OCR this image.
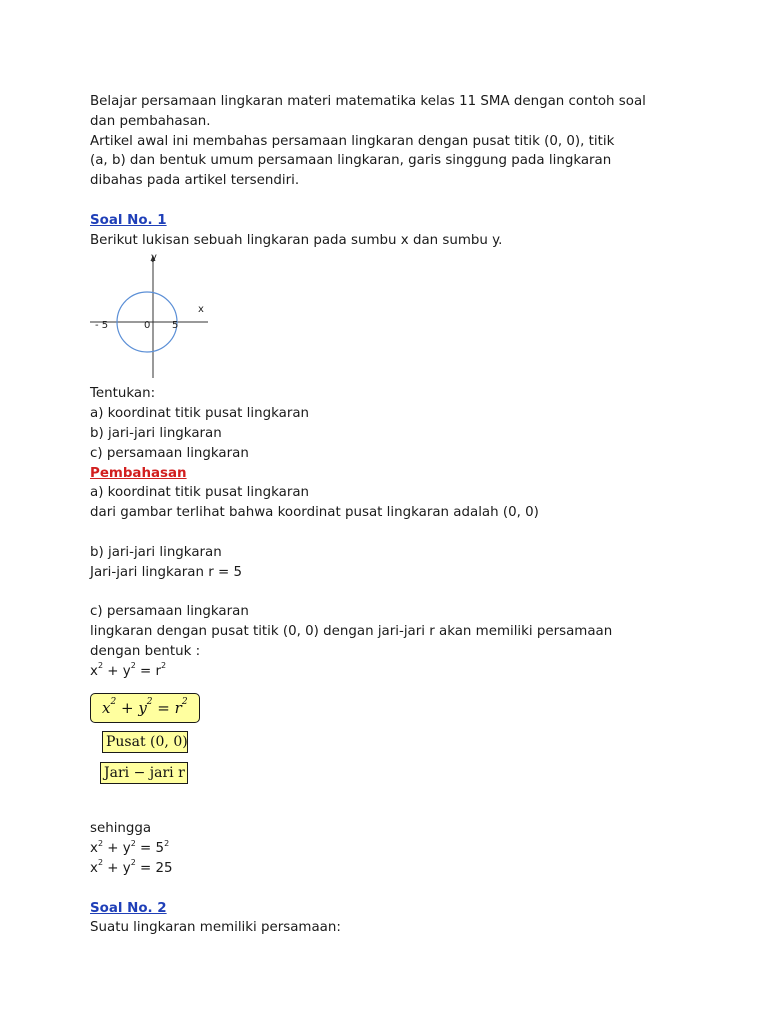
Belajar persamaan lingkaran materi matematika kelas 11 SMA dengan contoh soal

dan pembahasan.

Artikel awal ini membahas persamaan lingkaran dengan pusat titik (0, 0), titik

(a, b) dan bentuk umum persamaan lingkaran, garis singgung pada lingkaran

dibahas pada artikel tersendiri.

Soal No. 1

Berikut lukisan sebuah lingkaran pada sumbu x dan sumbu y.

y
x
- 5	0 5

Tentukan:

a) koordinat titik pusat lingkaran

b) jari-jari lingkaran

c) persamaan lingkaran

Pembahasan

a) koordinat titik pusat lingkaran

dari gambar terlihat bahwa koordinat pusat lingkaran adalah (0, 0)

b) jari-jari lingkaran

Jari-jari lingkaran r = 5

c) persamaan lingkaran

lingkaran dengan pusat titik (0, 0) dengan jari-jari r akan memiliki persamaan

dengan bentuk :

$x^2 + y^2 = r^2$

$x^2 + y^2 = r^2$
Pusat (0, 0)
Jari − jari r

sehingga

$x^2 + y^2 = 5^2$

$x^2 + y^2 = 25$

Soal No. 2

Suatu lingkaran memiliki persamaan:
